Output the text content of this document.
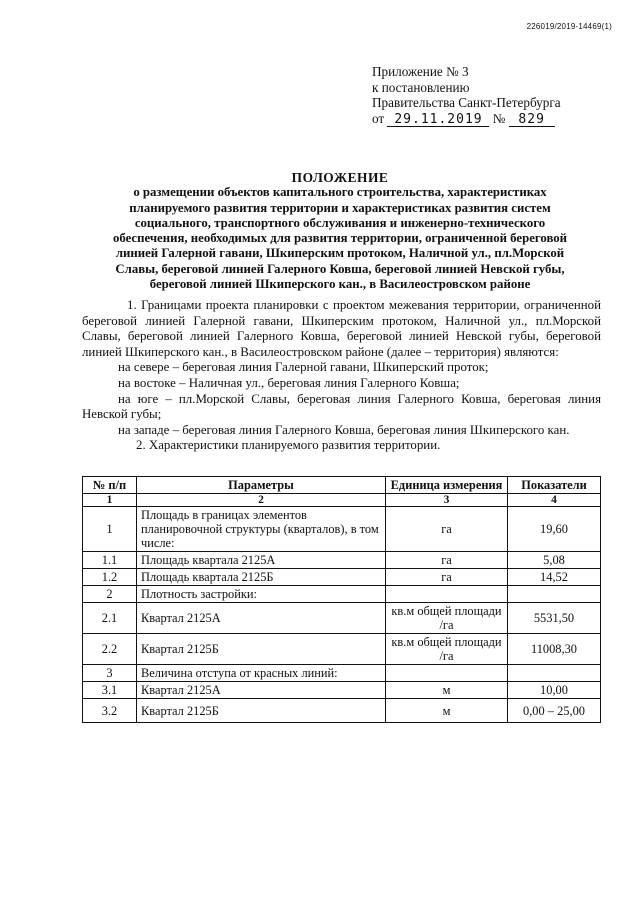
226019/2019-14469(1)
Приложение № 3
к постановлению
Правительства Санкт-Петербурга
от 29.11.2019 № 829
ПОЛОЖЕНИЕ
о размещении объектов капитального строительства, характеристиках планируемого развития территории и характеристиках развития систем социального, транспортного обслуживания и инженерно-технического обеспечения, необходимых для развития территории, ограниченной береговой линией Галерной гавани, Шкиперским протоком, Наличной ул., пл.Морской Славы, береговой линией Галерного Ковша, береговой линией Невской губы, береговой линией Шкиперского кан., в Василеостровском районе

1. Границами проекта планировки с проектом межевания территории, ограниченной береговой линией Галерной гавани, Шкиперским протоком, Наличной ул., пл.Морской Славы, береговой линией Галерного Ковша, береговой линией Невской губы, береговой линией Шкиперского кан., в Василеостровском районе (далее – территория) являются:

на севере – береговая линия Галерной гавани, Шкиперский проток;

на востоке – Наличная ул., береговая линия Галерного Ковша;

на юге – пл.Морской Славы, береговая линия Галерного Ковша, береговая линия Невской губы;

на западе – береговая линия Галерного Ковша, береговая линия Шкиперского кан.

2. Характеристики планируемого развития территории.

№ п/п	Параметры	Единица измерения	Показатели
1	2	3	4
1	Площадь в границах элементов планировочной структуры (кварталов), в том числе:	га	19,60
1.1	Площадь квартала 2125А	га	5,08
1.2	Площадь квартала 2125Б	га	14,52
2	Плотность застройки:		
2.1	Квартал 2125А	кв.м общей площади /га	5531,50
2.2	Квартал 2125Б	кв.м общей площади /га	11008,30
3	Величина отступа от красных линий:		
3.1	Квартал 2125А	м	10,00
3.2	Квартал 2125Б	м	0,00 – 25,00
